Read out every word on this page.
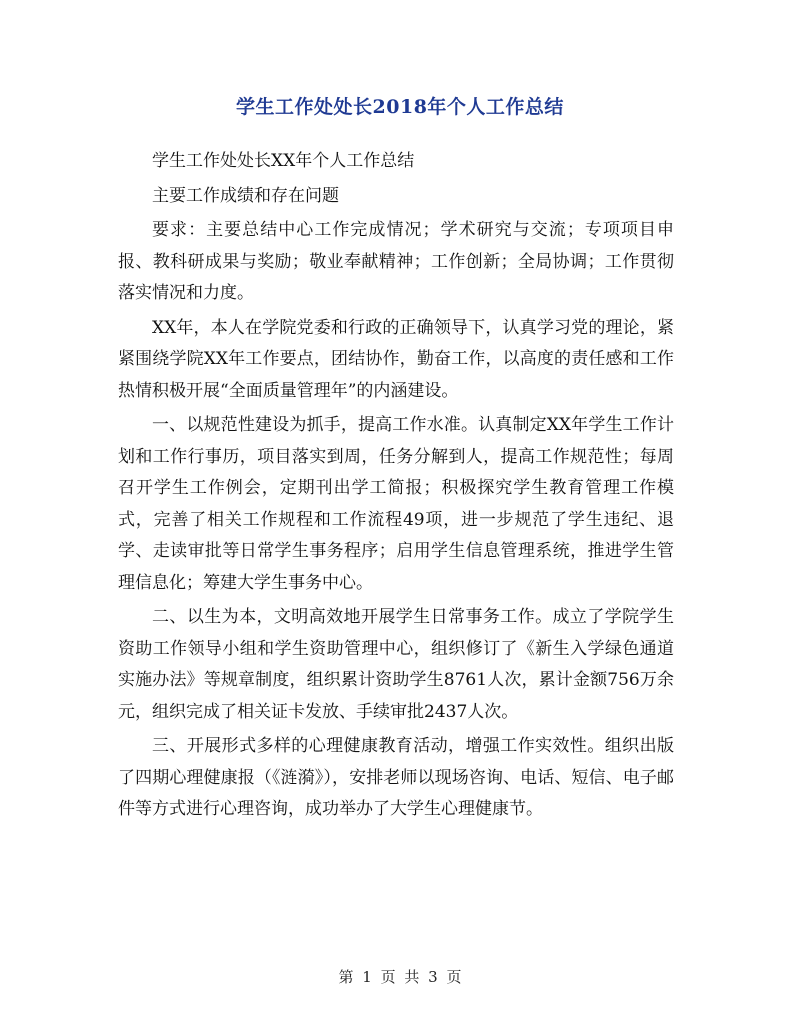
学生工作处处长2018年个人工作总结

学生工作处处长XX年个人工作总结

主要工作成绩和存在问题

要求：主要总结中心工作完成情况；学术研究与交流；专项项目申报、教科研成果与奖励；敬业奉献精神；工作创新；全局协调；工作贯彻落实情况和力度。

XX年，本人在学院党委和行政的正确领导下，认真学习党的理论，紧紧围绕学院XX年工作要点，团结协作，勤奋工作，以高度的责任感和工作热情积极开展“全面质量管理年”的内涵建设。

一、以规范性建设为抓手，提高工作水准。认真制定XX年学生工作计划和工作行事历，项目落实到周，任务分解到人，提高工作规范性；每周召开学生工作例会，定期刊出学工简报；积极探究学生教育管理工作模式，完善了相关工作规程和工作流程49项，进一步规范了学生违纪、退学、走读审批等日常学生事务程序；启用学生信息管理系统，推进学生管理信息化；筹建大学生事务中心。

二、以生为本，文明高效地开展学生日常事务工作。成立了学院学生资助工作领导小组和学生资助管理中心，组织修订了《新生入学绿色通道实施办法》等规章制度，组织累计资助学生8761人次，累计金额756万余元，组织完成了相关证卡发放、手续审批2437人次。

三、开展形式多样的心理健康教育活动，增强工作实效性。组织出版了四期心理健康报（《涟漪》），安排老师以现场咨询、电话、短信、电子邮件等方式进行心理咨询，成功举办了大学生心理健康节。

第 1 页 共 3 页
